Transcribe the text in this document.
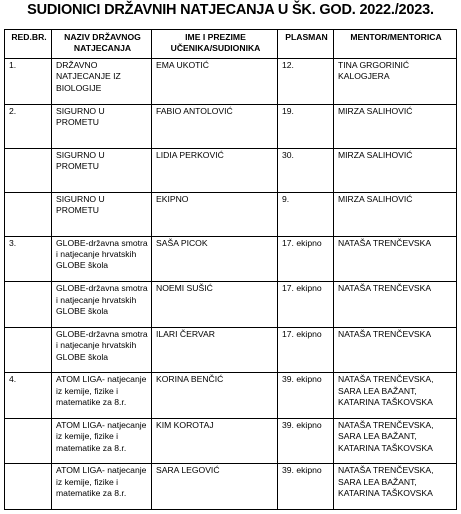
SUDIONICI DRŽAVNIH NATJECANJA U ŠK. GOD. 2022./2023.
RED.BR.	NAZIV DRŽAVNOG NATJECANJA	IME I PREZIME UČENIKA/SUDIONIKA	PLASMAN	MENTOR/MENTORICA

1.	DRŽAVNO NATJECANJE IZ BIOLOGIJE	EMA UKOTIĆ	12.	TINA GRGORINIĆ KALOGJERA

2.	SIGURNO U PROMETU	FABIO ANTOLOVIĆ	19.	MIRZA SALIHOVIĆ

	SIGURNO U PROMETU	LIDIA PERKOVIĆ	30.	MIRZA SALIHOVIĆ

	SIGURNO U PROMETU	EKIPNO	9.	MIRZA SALIHOVIĆ

3.	GLOBE-državna smotra i natjecanje hrvatskih GLOBE škola	SAŠA PICOK	17. ekipno	NATAŠA TRENČEVSKA

	GLOBE-državna smotra i natjecanje hrvatskih GLOBE škola	NOEMI SUŠIĆ	17. ekipno	NATAŠA TRENČEVSKA

	GLOBE-državna smotra i natjecanje hrvatskih GLOBE škola	ILARI ČERVAR	17. ekipno	NATAŠA TRENČEVSKA

4.	ATOM LIGA- natjecanje iz kemije, fizike i matematike za 8.r.	KORINA BENČIĆ	39. ekipno	NATAŠA TRENČEVSKA, SARA LEA BAŽANT, KATARINA TAŠKOVSKA

	ATOM LIGA- natjecanje iz kemije, fizike i matematike za 8.r.	KIM KOROTAJ	39. ekipno	NATAŠA TRENČEVSKA, SARA LEA BAŽANT, KATARINA TAŠKOVSKA

	ATOM LIGA- natjecanje iz kemije, fizike i matematike za 8.r.	SARA LEGOVIĆ	39. ekipno	NATAŠA TRENČEVSKA, SARA LEA BAŽANT, KATARINA TAŠKOVSKA
